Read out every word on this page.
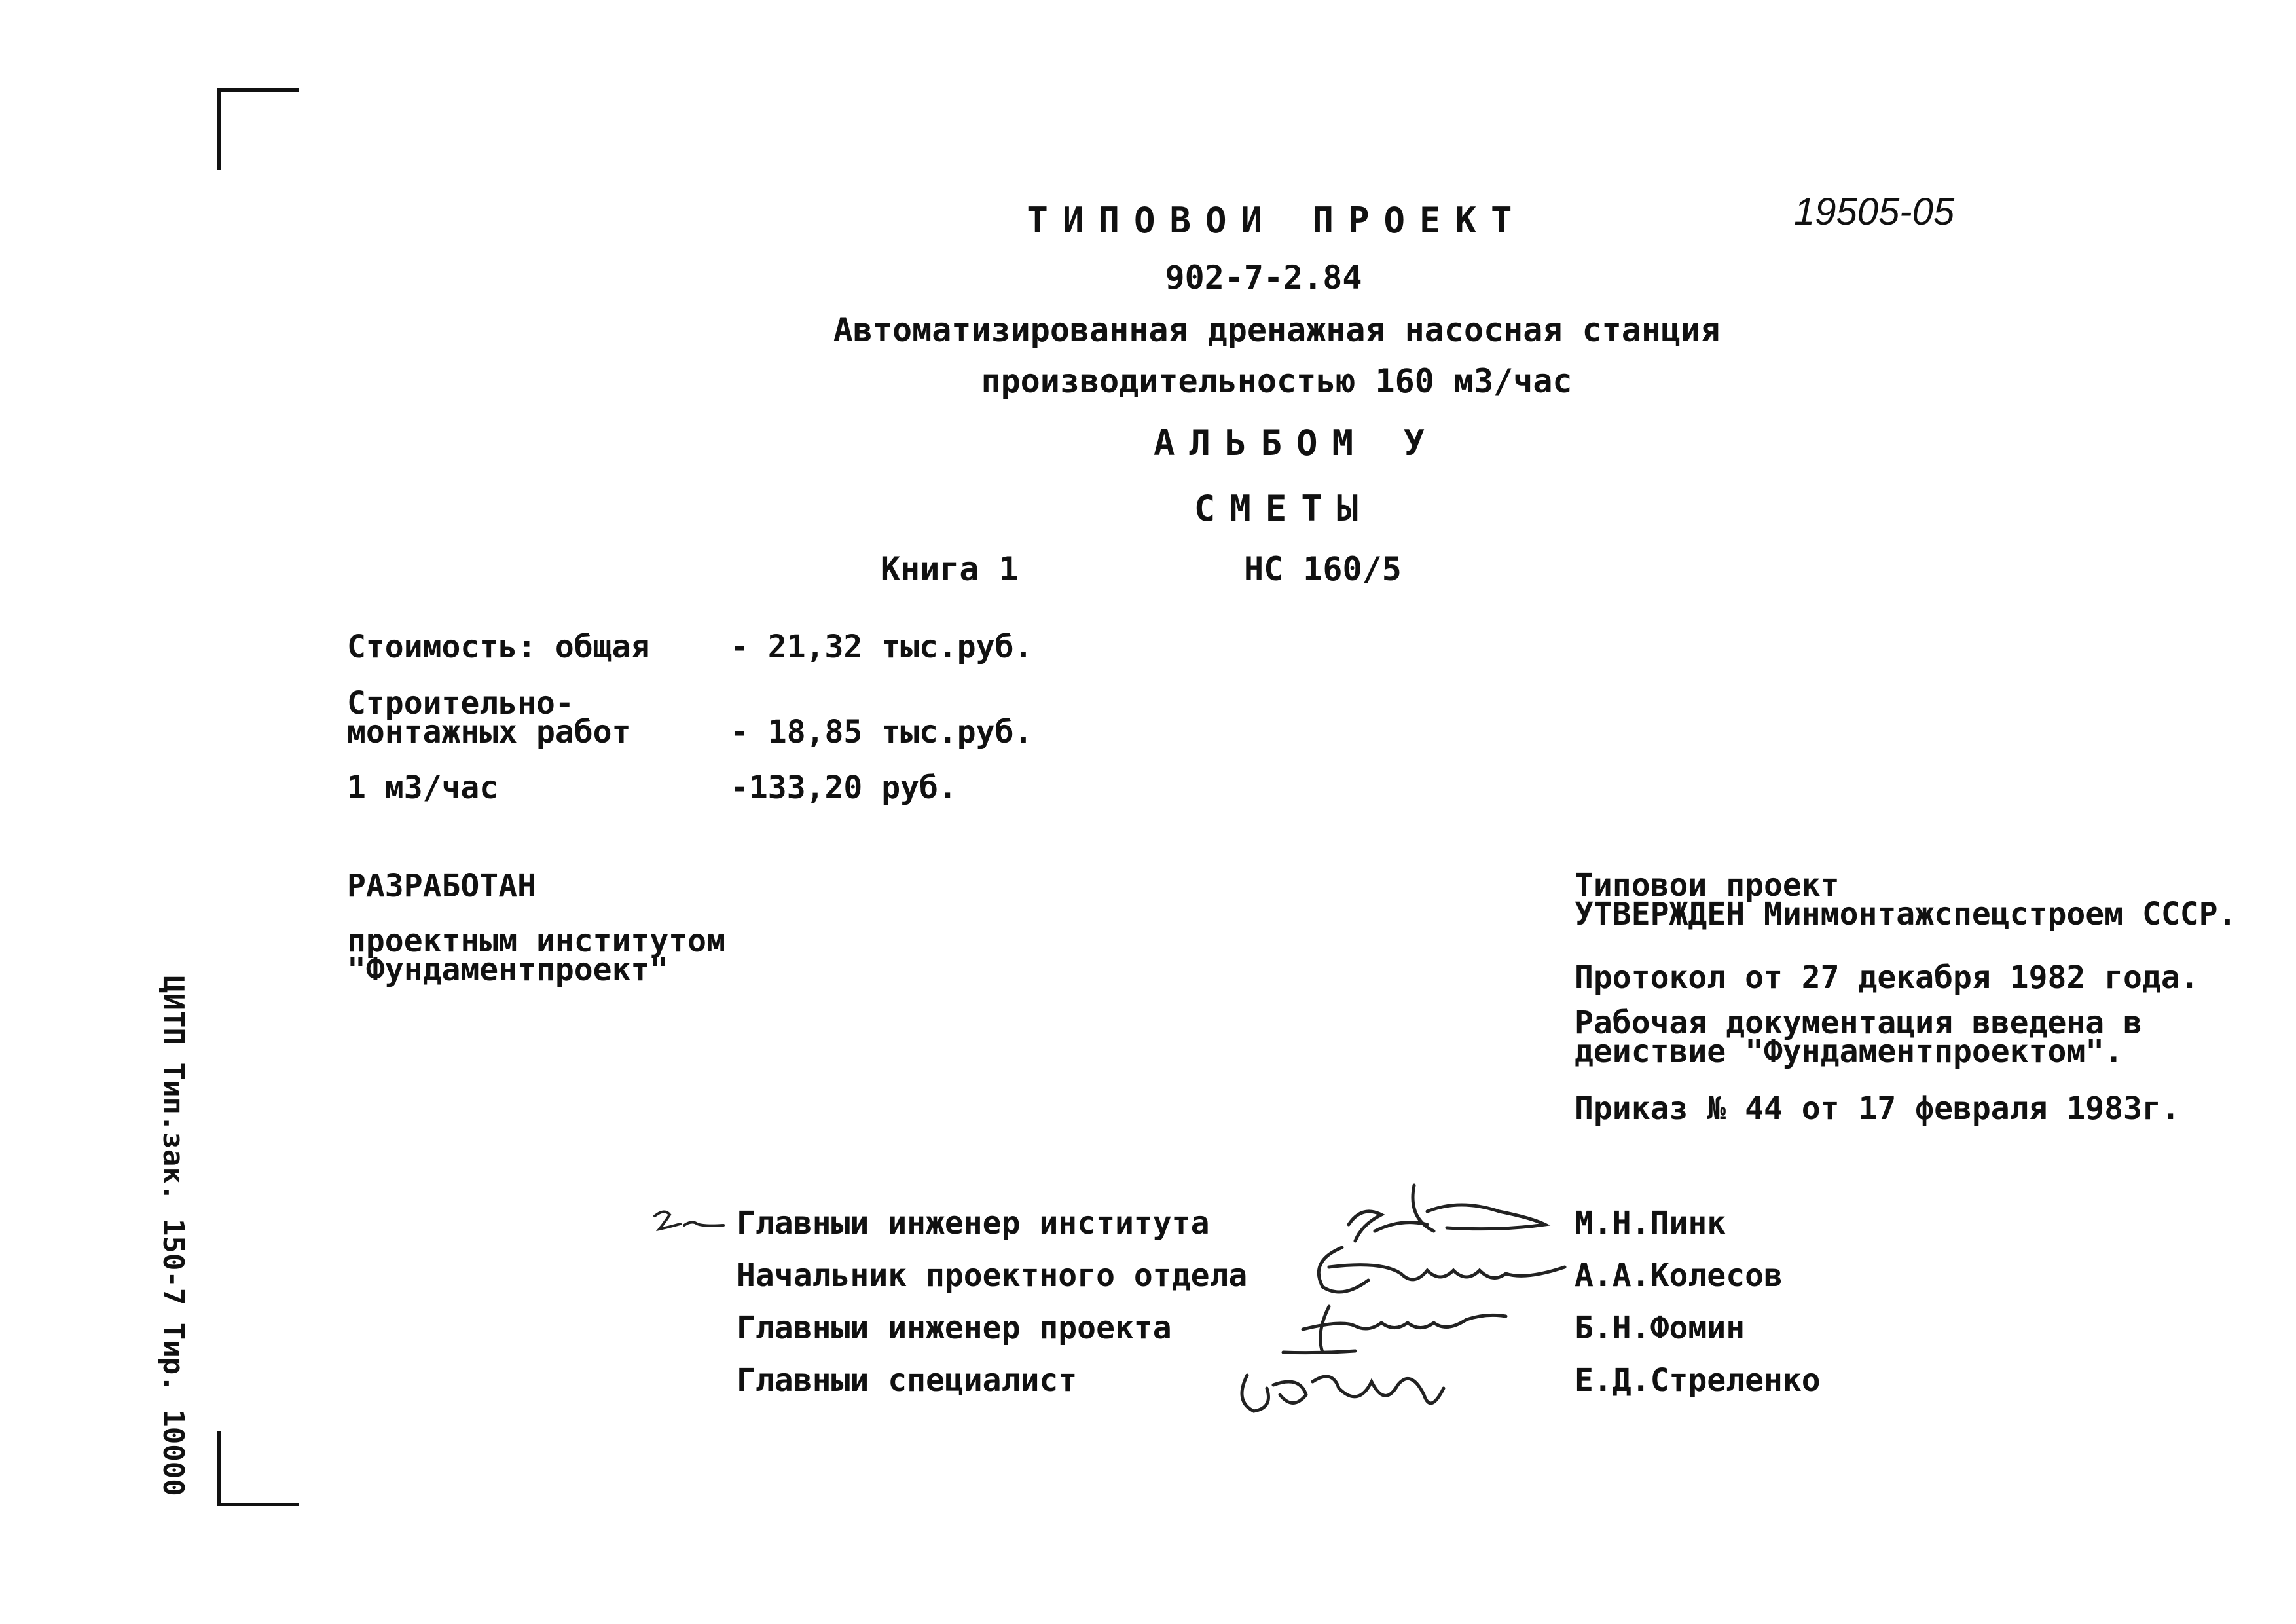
19505-05
ТИПОВОИ ПРОЕКТ
902-7-2.84
Автоматизированная дренажная насосная станция
производительностью 160 м3/час
АЛЬБОМ У
СМЕТЫ
Книга 1	НС 160/5
Стоимость: общая	- 21,32 тыс.руб.
Строительно-
монтажных работ	- 18,85 тыс.руб.
1 м3/час	-133,20 руб.
РАЗРАБОТАН
проектным институтом
"Фундаментпроект"
Типовои проект
УТВЕРЖДЕН Минмонтажспецстроем СССР.
Протокол от 27 декабря 1982 года.
Рабочая документация введена в
деиствие "Фундаментпроектом".
Приказ № 44 от 17 февраля 1983г.
Главныи инженер института	М.Н.Пинк
Начальник проектного отдела	А.А.Колесов
Главныи инженер проекта	Б.Н.Фомин
Главныи специалист	Е.Д.Стреленко
ЦИТП Тип.зак. 150-7 Тир. 10000
